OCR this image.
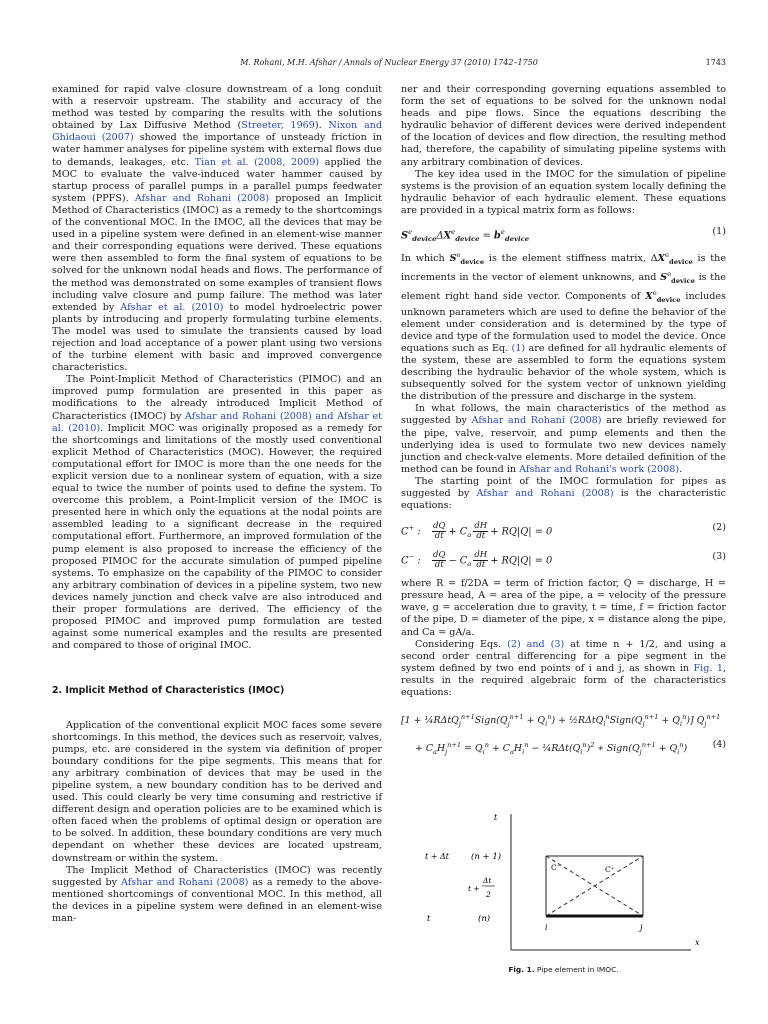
M. Rohani, M.H. Afshar / Annals of Nuclear Energy 37 (2010) 1742–1750	1743

examined for rapid valve closure downstream of a long conduit with a reservoir upstream. The stability and accuracy of the method was tested by comparing the results with the solutions obtained by Lax Diffusive Method (Streeter, 1969). Nixon and Ghidaoui (2007) showed the importance of unsteady friction in water hammer analyses for pipeline system with external flows due to demands, leakages, etc. Tian et al. (2008, 2009) applied the MOC to evaluate the valve-induced water hammer caused by startup process of parallel pumps in a parallel pumps feedwater system (PPFS). Afshar and Rohani (2008) proposed an Implicit Method of Characteristics (IMOC) as a remedy to the shortcomings of the conventional MOC. In the IMOC, all the devices that may be used in a pipeline system were defined in an element-wise manner and their corresponding equations were derived. These equations were then assembled to form the final system of equations to be solved for the unknown nodal heads and flows. The performance of the method was demonstrated on some examples of transient flows including valve closure and pump failure. The method was later extended by Afshar et al. (2010) to model hydroelectric power plants by introducing and properly formulating turbine elements. The model was used to simulate the transients caused by load rejection and load acceptance of a power plant using two versions of the turbine element with basic and improved convergence characteristics.

The Point-Implicit Method of Characteristics (PIMOC) and an improved pump formulation are presented in this paper as modifications to the already introduced Implicit Method of Characteristics (IMOC) by Afshar and Rohani (2008) and Afshar et al. (2010). Implicit MOC was originally proposed as a remedy for the shortcomings and limitations of the mostly used conventional explicit Method of Characteristics (MOC). However, the required computational effort for IMOC is more than the one needs for the explicit version due to a nonlinear system of equation, with a size equal to twice the number of points used to define the system. To overcome this problem, a Point-Implicit version of the IMOC is presented here in which only the equations at the nodal points are assembled leading to a significant decrease in the required computational effort. Furthermore, an improved formulation of the pump element is also proposed to increase the efficiency of the proposed PIMOC for the accurate simulation of pumped pipeline systems. To emphasize on the capability of the PIMOC to consider any arbitrary combination of devices in a pipeline system, two new devices namely junction and check valve are also introduced and their proper formulations are derived. The efficiency of the proposed PIMOC and improved pump formulation are tested against some numerical examples and the results are presented and compared to those of original IMOC.

2. Implicit Method of Characteristics (IMOC)

Application of the conventional explicit MOC faces some severe shortcomings. In this method, the devices such as reservoir, valves, pumps, etc. are considered in the system via definition of proper boundary conditions for the pipe segments. This means that for any arbitrary combination of devices that may be used in the pipeline system, a new boundary condition has to be derived and used. This could clearly be very time consuming and restrictive if different design and operation policies are to be examined which is often faced when the problems of optimal design or operation are to be solved. In addition, these boundary conditions are very much dependant on whether these devices are located upstream, downstream or within the system.

The Implicit Method of Characteristics (IMOC) was recently suggested by Afshar and Rohani (2008) as a remedy to the above-mentioned shortcomings of conventional MOC. In this method, all the devices in a pipeline system were defined in an element-wise man-

ner and their corresponding governing equations assembled to form the set of equations to be solved for the unknown nodal heads and pipe flows. Since the equations describing the hydraulic behavior of different devices were derived independent of the location of devices and flow direction, the resulting method had, therefore, the capability of simulating pipeline systems with any arbitrary combination of devices.

The key idea used in the IMOC for the simulation of pipeline systems is the provision of an equation system locally defining the hydraulic behavior of each hydraulic element. These equations are provided in a typical matrix form as follows:

$S^e_{device}\Delta X^e_{device} = b^e_{device}$
(1)

In which $S^e_{device}$ is the element stiffness matrix, $\Delta X^e_{device}$ is the increments in the vector of element unknowns, and $S^e_{device}$ is the element right hand side vector. Components of $X^e_{device}$ includes unknown parameters which are used to define the behavior of the element under consideration and is determined by the type of device and type of the formulation used to model the device. Once equations such as Eq. (1) are defined for all hydraulic elements of the system, these are assembled to form the equations system describing the hydraulic behavior of the whole system, which is subsequently solved for the system vector of unknown yielding the distribution of the pressure and discharge in the system.

In what follows, the main characteristics of the method as suggested by Afshar and Rohani (2008) are briefly reviewed for the pipe, valve, reservoir, and pump elements and then the underlying idea is used to formulate two new devices namely junction and check-valve elements. More detailed definition of the method can be found in Afshar and Rohani's work (2008).

The starting point of the IMOC formulation for pipes as suggested by Afshar and Rohani (2008) is the characteristic equations:

C+ : $\frac{dQ}{dt} + C_a \frac{dH}{dt} + RQ|Q| = 0$	(2)
C− : $\frac{dQ}{dt} - C_a \frac{dH}{dt} + RQ|Q| = 0$	(3)

where R = f/2DA = term of friction factor, Q = discharge, H = pressure head, A = area of the pipe, a = velocity of the pressure wave, g = acceleration due to gravity, t = time, f = friction factor of the pipe, D = diameter of the pipe, x = distance along the pipe, and Ca = gA/a.

Considering Eqs. (2) and (3) at time n + 1/2, and using a second order central differencing for a pipe segment in the system defined by two end points of i and j, as shown in Fig. 1, results in the required algebraic form of the characteristics equations:

[$1 + \frac{1}{4}R\Delta tQ_j^{n+1}Sign(Q_j^{n+1} + Q_i^n)$ + $\frac{1}{2}R\Delta tQ_i^nSign(Q_j^{n+1} + Q_i^n)$] $Q_j^{n+1}$
+ $C_aH_j^{n+1} = Q_i^n + C_aH_i^n$ − $\frac{1}{4}R\Delta t(Q_i^n)^2$ ∗ $Sign(Q_j^{n+1} + Q_i^n)$	(4)
t
x
C⁻	C⁺
t + Δt	(n + 1)
t +
Δt
2
t	(n)
i	j
Fig. 1. Pipe element in IMOC.
